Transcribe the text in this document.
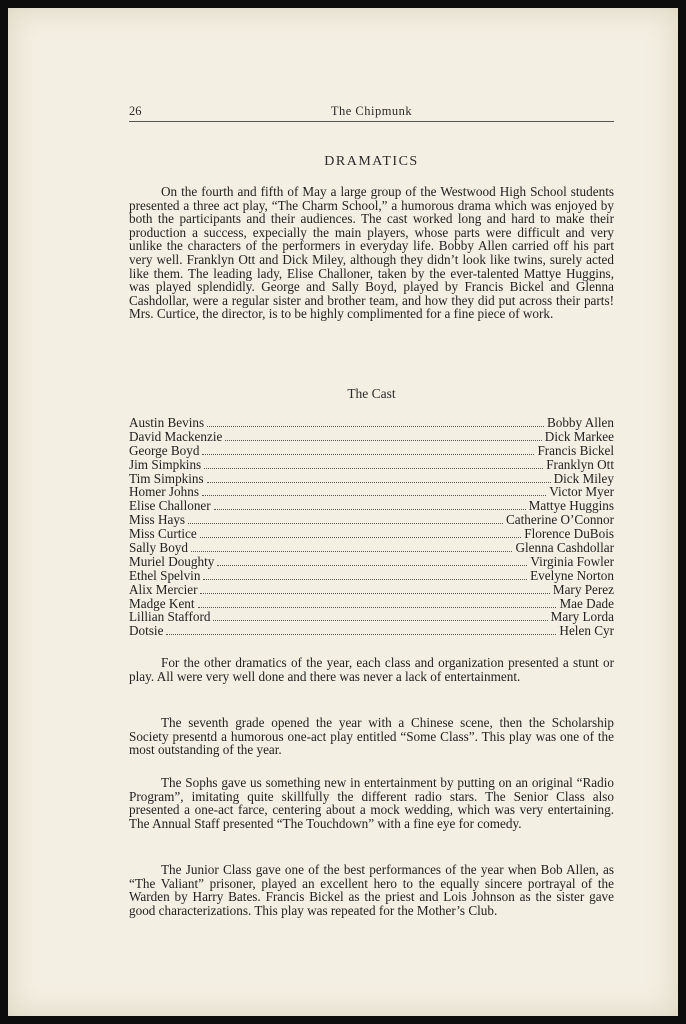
26	The Chipmunk
DRAMATICS

On the fourth and fifth of May a large group of the Westwood High School students presented a three act play, “The Charm School,” a humorous drama which was enjoyed by both the participants and their audiences. The cast worked long and hard to make their production a success, expecially the main players, whose parts were difficult and very unlike the characters of the performers in everyday life. Bobby Allen carried off his part very well. Franklyn Ott and Dick Miley, although they didn’t look like twins, surely acted like them. The leading lady, Elise Challoner, taken by the ever-talented Mattye Huggins, was played splendidly. George and Sally Boyd, played by Francis Bickel and Glenna Cashdollar, were a regular sister and brother team, and how they did put across their parts! Mrs. Curtice, the director, is to be highly complimented for a fine piece of work.

The Cast
Austin Bevins	Bobby Allen
David Mackenzie	Dick Markee
George Boyd	Francis Bickel
Jim Simpkins	Franklyn Ott
Tim Simpkins	Dick Miley
Homer Johns	Victor Myer
Elise Challoner	Mattye Huggins
Miss Hays	Catherine O’Connor
Miss Curtice	Florence DuBois
Sally Boyd	Glenna Cashdollar
Muriel Doughty	Virginia Fowler
Ethel Spelvin	Evelyne Norton
Alix Mercier	Mary Perez
Madge Kent	Mae Dade
Lillian Stafford	Mary Lorda
Dotsie	Helen Cyr

For the other dramatics of the year, each class and organization presented a stunt or play. All were very well done and there was never a lack of entertainment.

The seventh grade opened the year with a Chinese scene, then the Scholarship Society presentd a humorous one-act play entitled “Some Class”. This play was one of the most outstanding of the year.

The Sophs gave us something new in entertainment by putting on an original “Radio Program”, imitating quite skillfully the different radio stars. The Senior Class also presented a one-act farce, centering about a mock wedding, which was very entertaining. The Annual Staff presented “The Touchdown” with a fine eye for comedy.

The Junior Class gave one of the best performances of the year when Bob Allen, as “The Valiant” prisoner, played an excellent hero to the equally sincere portrayal of the Warden by Harry Bates. Francis Bickel as the priest and Lois Johnson as the sister gave good characterizations. This play was repeated for the Mother’s Club.
